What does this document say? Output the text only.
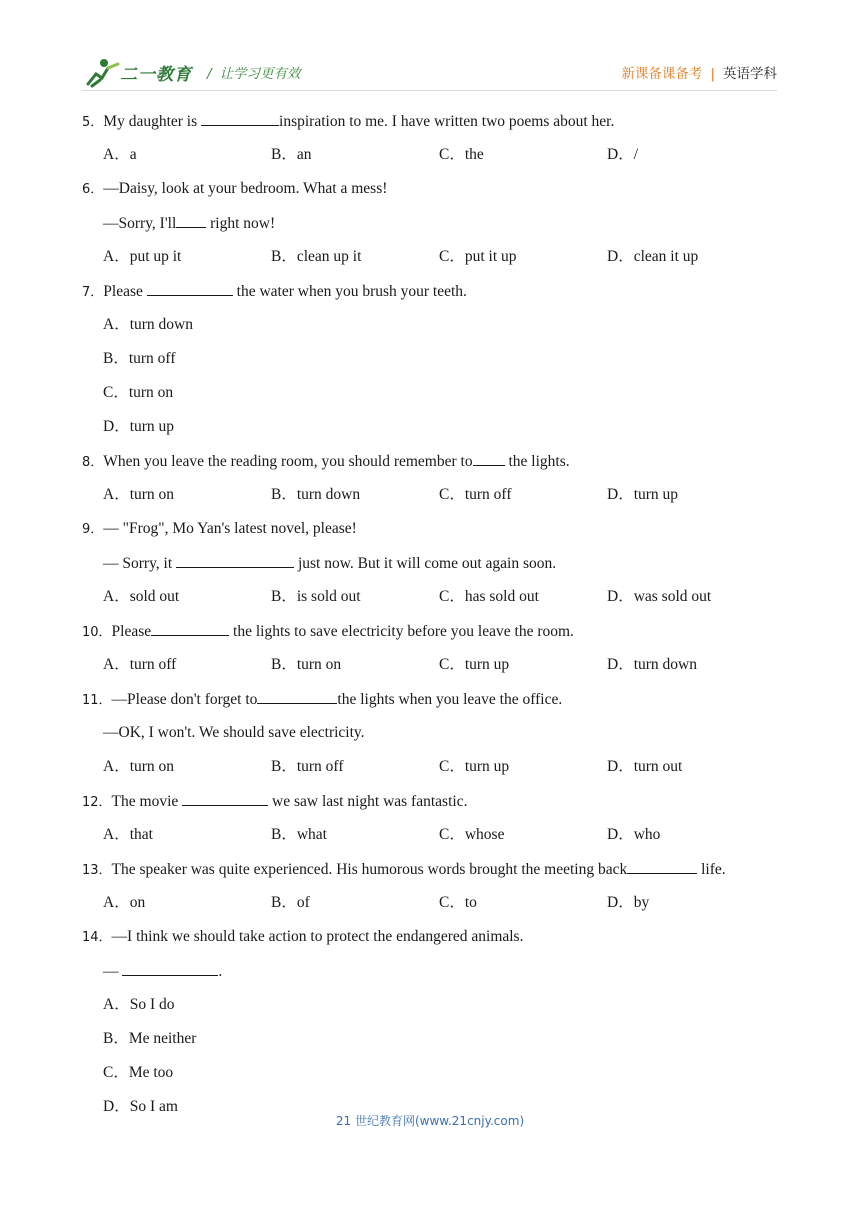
二一教育 / 让学习更有效	新课备课备考 | 英语学科
5．My daughter is	inspiration to me. I have written two poems about her.
A．a	B．an	C．the	D．/
6．—Daisy, look at your bedroom. What a mess!
—Sorry, I'll right now!
A．put up it	B．clean up it	C．put it up	D．clean it up
7．Please	the water when you brush your teeth.
A．turn down
B．turn off
C．turn on
D．turn up
8．When you leave the reading room, you should remember to the lights.
A．turn on	B．turn down	C．turn off	D．turn up
9．— "Frog", Mo Yan's latest novel, please!
— Sorry, it	just now. But it will come out again soon.
A．sold out	B．is sold out	C．has sold out	D．was sold out
10．Please	the lights to save electricity before you leave the room.
A．turn off	B．turn on	C．turn up	D．turn down
11．—Please don't forget to	the lights when you leave the office.
—OK, I won't. We should save electricity.
A．turn on	B．turn off	C．turn up	D．turn out
12．The movie	we saw last night was fantastic.
A．that	B．what	C．whose	D．who
13．The speaker was quite experienced. His humorous words brought the meeting back	life.
A．on	B．of	C．to	D．by
14．—I think we should take action to protect the endangered animals.
—	.
A．So I do
B．Me neither
C．Me too
D．So I am
21 世纪教育网(www.21cnjy.com)
